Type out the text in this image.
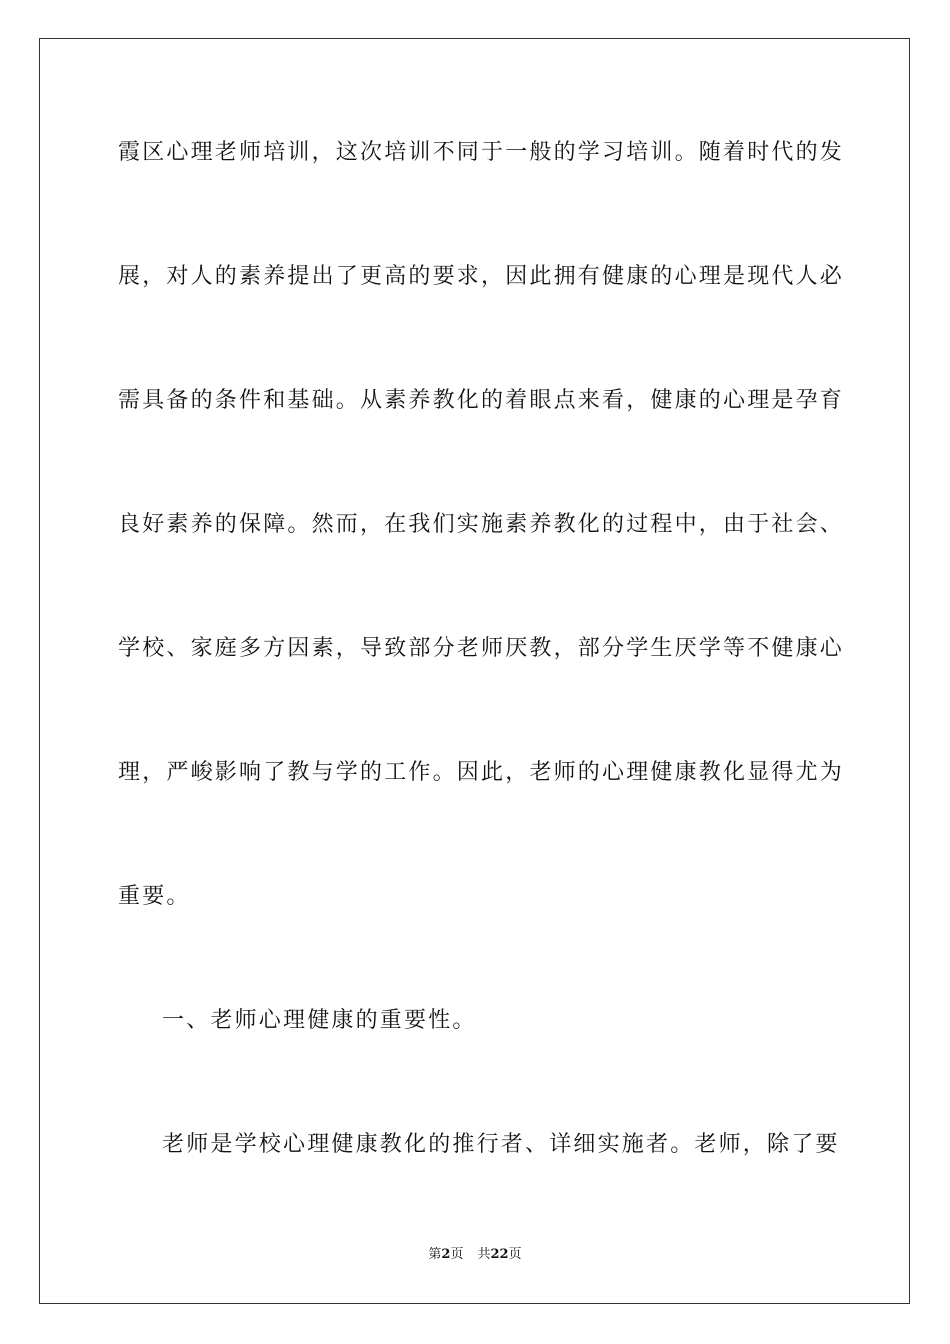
霞区心理老师培训，这次培训不同于一般的学习培训。随着时代的发
展，对人的素养提出了更高的要求，因此拥有健康的心理是现代人必
需具备的条件和基础。从素养教化的着眼点来看，健康的心理是孕育
良好素养的保障。然而，在我们实施素养教化的过程中，由于社会、
学校、家庭多方因素，导致部分老师厌教，部分学生厌学等不健康心
理，严峻影响了教与学的工作。因此，老师的心理健康教化显得尤为
重要。
一、老师心理健康的重要性。
老师是学校心理健康教化的推行者、详细实施者。老师，除了要
第2页 共22页
